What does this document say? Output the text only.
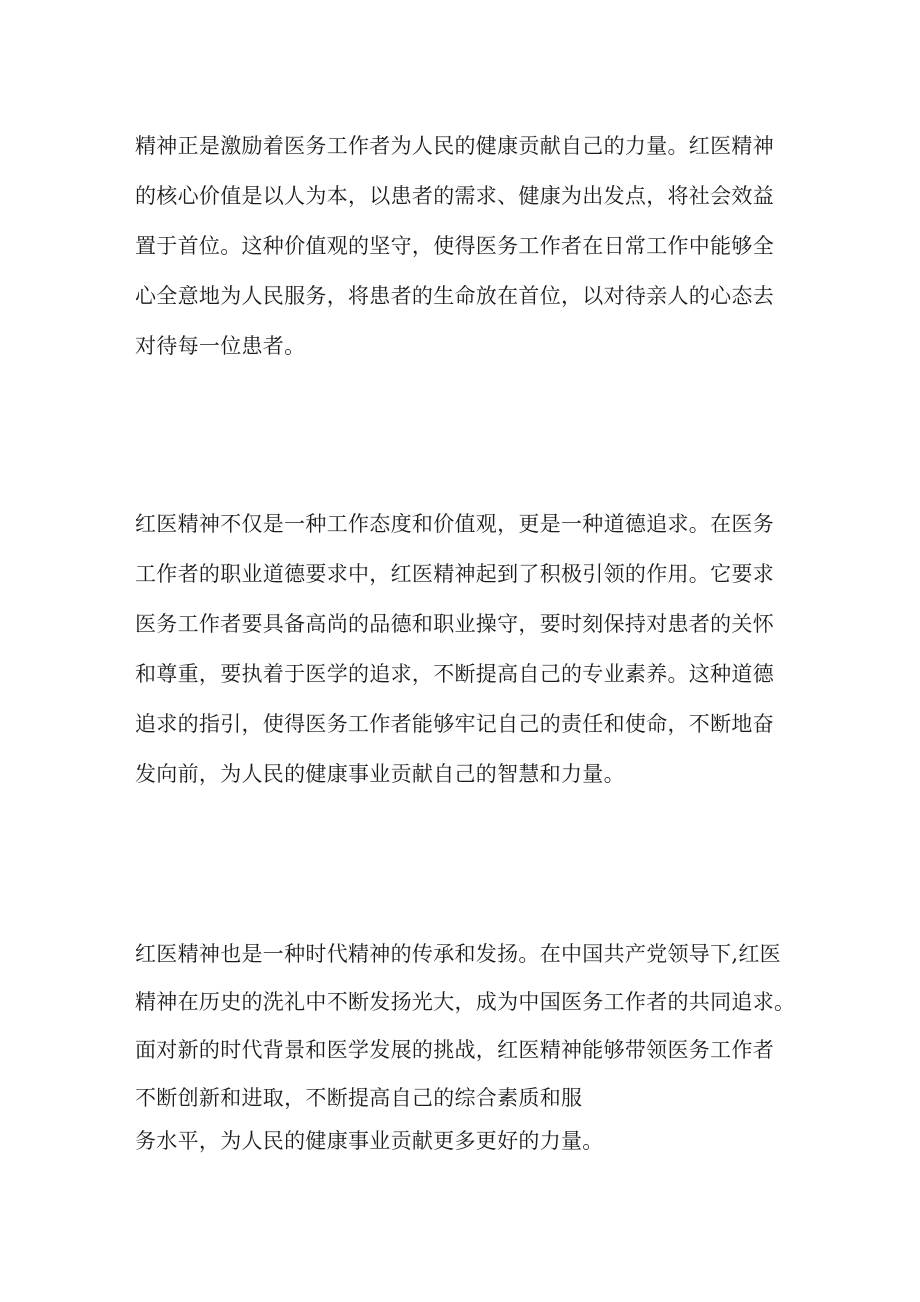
精神正是激励着医务工作者为人民的健康贡献自己的力量。红医精神
的核心价值是以人为本，以患者的需求、健康为出发点，将社会效益
置于首位。这种价值观的坚守，使得医务工作者在日常工作中能够全
心全意地为人民服务，将患者的生命放在首位，以对待亲人的心态去
对待每一位患者。
红医精神不仅是一种工作态度和价值观，更是一种道德追求。在医务
工作者的职业道德要求中，红医精神起到了积极引领的作用。它要求
医务工作者要具备高尚的品德和职业操守，要时刻保持对患者的关怀
和尊重，要执着于医学的追求，不断提高自己的专业素养。这种道德
追求的指引，使得医务工作者能够牢记自己的责任和使命，不断地奋
发向前，为人民的健康事业贡献自己的智慧和力量。
红医精神也是一种时代精神的传承和发扬。在中国共产党领导下,红医
精神在历史的洗礼中不断发扬光大，成为中国医务工作者的共同追求。
面对新的时代背景和医学发展的挑战，红医精神能够带领医务工作者
不断创新和进取，不断提高自己的综合素质和服
务水平，为人民的健康事业贡献更多更好的力量。
